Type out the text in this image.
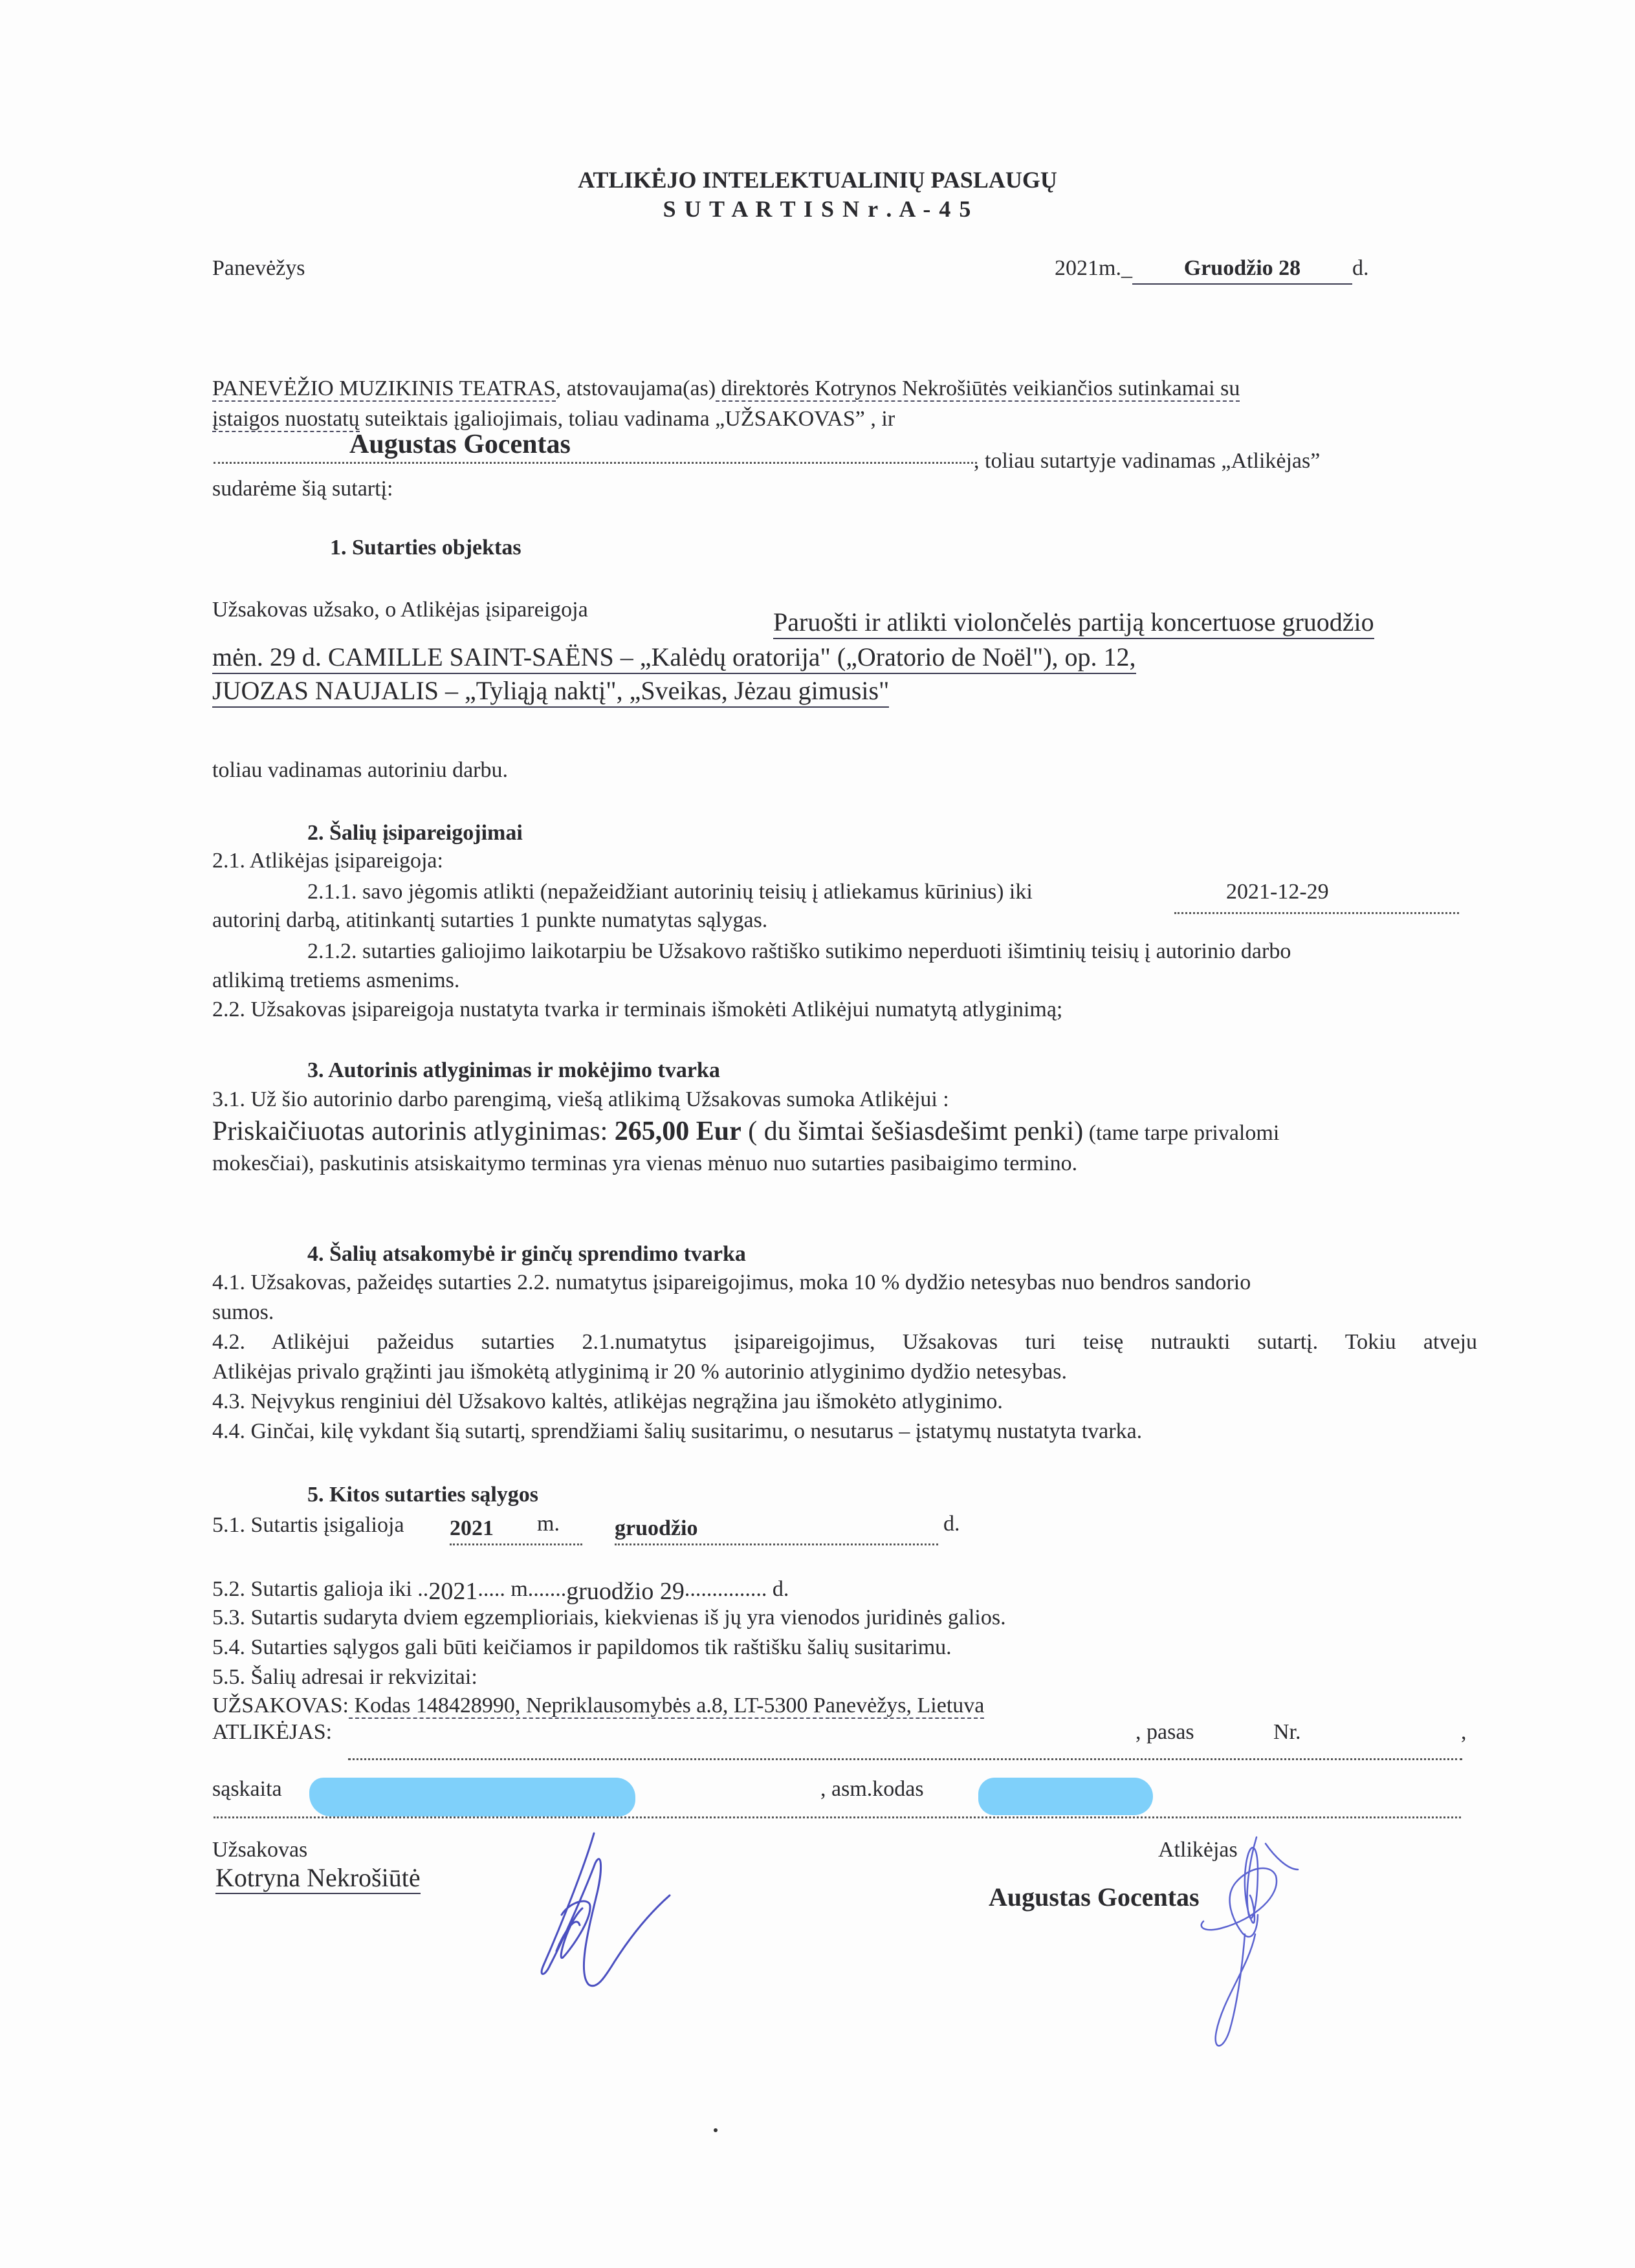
ATLIKĖJO INTELEKTUALINIŲ PASLAUGŲ
S U T A R T I S N r . A - 4 5
Panevėžys	2021m._ Gruodžio 28 d.
PANEVĖŽIO MUZIKINIS TEATRAS, atstovaujama(as) direktorės Kotrynos Nekrošiūtės veikiančios sutinkamai su
įstaigos nuostatų suteiktais įgaliojimais, toliau vadinama „UŽSAKOVAS” , ir
Augustas Gocentas
, toliau sutartyje vadinamas „Atlikėjas”
sudarėme šią sutartį:
1. Sutarties objektas
Užsakovas užsako, o Atlikėjas įsipareigoja	Paruošti ir atlikti violončelės partiją koncertuose gruodžio
mėn. 29 d. CAMILLE SAINT-SAËNS – „Kalėdų oratorija" („Oratorio de Noël"), op. 12,
JUOZAS NAUJALIS – „Tyliąją naktį", „Sveikas, Jėzau gimusis"
toliau vadinamas autoriniu darbu.
2. Šalių įsipareigojimai
2.1. Atlikėjas įsipareigoja:
2.1.1. savo jėgomis atlikti (nepažeidžiant autorinių teisių į atliekamus kūrinius) iki	2021-12-29
autorinį darbą, atitinkantį sutarties 1 punkte numatytas sąlygas.
2.1.2. sutarties galiojimo laikotarpiu be Užsakovo raštiško sutikimo neperduoti išimtinių teisių į autorinio darbo
atlikimą tretiems asmenims.
2.2. Užsakovas įsipareigoja nustatyta tvarka ir terminais išmokėti Atlikėjui numatytą atlyginimą;
3. Autorinis atlyginimas ir mokėjimo tvarka
3.1. Už šio autorinio darbo parengimą, viešą atlikimą Užsakovas sumoka Atlikėjui :
Priskaičiuotas autorinis atlyginimas: 265,00 Eur ( du šimtai šešiasdešimt penki) (tame tarpe privalomi
mokesčiai), paskutinis atsiskaitymo terminas yra vienas mėnuo nuo sutarties pasibaigimo termino.
4. Šalių atsakomybė ir ginčų sprendimo tvarka
4.1. Užsakovas, pažeidęs sutarties 2.2. numatytus įsipareigojimus, moka 10 % dydžio netesybas nuo bendros sandorio
sumos.
4.2. Atlikėjui pažeidus sutarties 2.1.numatytus įsipareigojimus, Užsakovas turi teisę nutraukti sutartį. Tokiu atveju
Atlikėjas privalo grąžinti jau išmokėtą atlyginimą ir 20 % autorinio atlyginimo dydžio netesybas.
4.3. Neįvykus renginiui dėl Užsakovo kaltės, atlikėjas negrąžina jau išmokėto atlyginimo.
4.4. Ginčai, kilę vykdant šią sutartį, sprendžiami šalių susitarimu, o nesutarus – įstatymų nustatyta tvarka.
5. Kitos sutarties sąlygos
5.1. Sutartis įsigalioja 2021	m.	gruodžio	d.
5.2. Sutartis galioja iki ..2021..... m.......gruodžio 29............... d.
5.3. Sutartis sudaryta dviem egzemplioriais, kiekvienas iš jų yra vienodos juridinės galios.
5.4. Sutarties sąlygos gali būti keičiamos ir papildomos tik raštišku šalių susitarimu.
5.5. Šalių adresai ir rekvizitai:
UŽSAKOVAS: Kodas 148428990, Nepriklausomybės a.8, LT-5300 Panevėžys, Lietuva
ATLIKĖJAS:	, pasas	Nr.	,
sąskaita	, asm.kodas
Užsakovas
Kotryna Nekrošiūtė
Atlikėjas
Augustas Gocentas
